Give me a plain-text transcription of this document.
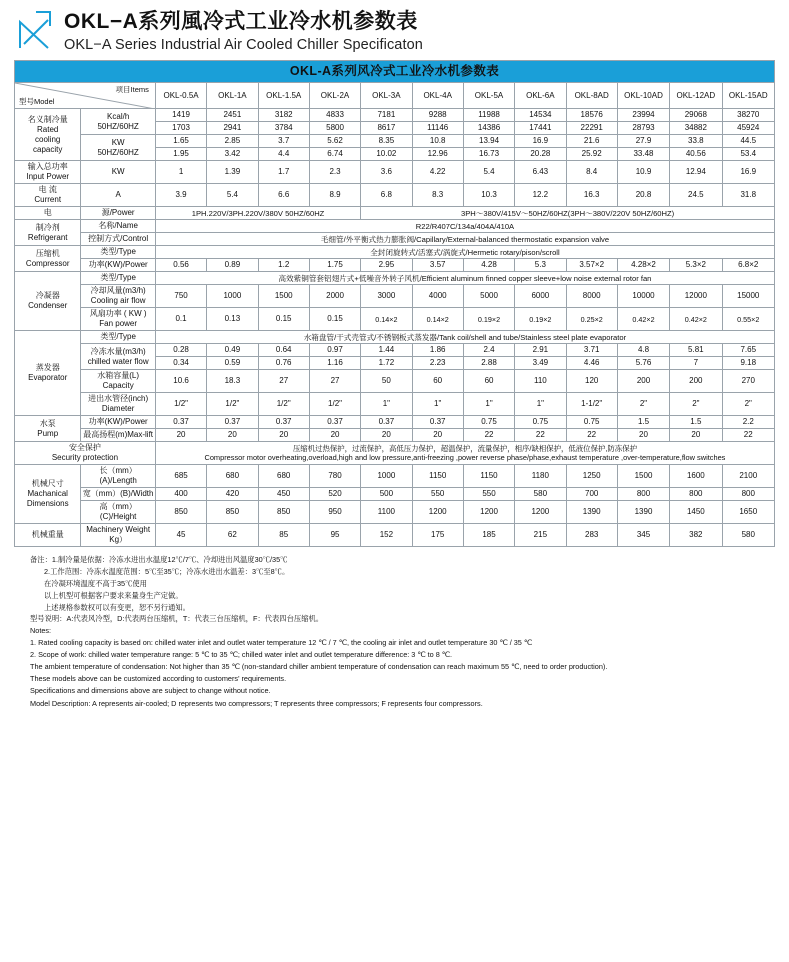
OKL−A系列風冷式工业冷水机参数表
OKL−A Series Industrial Air Cooled Chiller Specificaton
OKL-A系列风冷式工业冷水机参数表													

型号Model
项目Items		OKL-0.5A	OKL-1A	OKL-1.5A	OKL-2A	OKL-3A	OKL-4A	OKL-5A	OKL-6A	OKL-8AD	OKL-10AD	OKL-12AD	OKL-15AD

名义制冷量
Rated
cooling
capacity

Kcal/h
50HZ/60HZ
	1419	2451	3182	4833	7181	9288	11988	14534	18576	23994	29068	38270
		1703	2941	3784	5800	8617	11146	14386	17441	22291	28793	34882	45924

	KW
50HZ/60HZ	1.65	2.85	3.7	5.62	8.35	10.8	13.94	16.9	21.6	27.9	33.8	44.5
		1.95	3.42	4.4	6.74	10.02	12.96	16.73	20.28	25.92	33.48	40.56	53.4

输入总功率
Input Power	KW	1	1.39	1.7	2.3	3.6	4.22	5.4	6.43	8.4	10.9	12.94	16.9

电 流
Current	A	3.9	5.4	6.6	8.9	6.8	8.3	10.3	12.2	16.3	20.8	24.5	31.8
电	源/Power	1PH.220V/3PH.220V/380V 50HZ/60HZ				3PH～380V/415V～50HZ/60HZ(3PH～380V/220V 50HZ/60HZ)							

制冷剂
Refrigerant	名称/Name	R22/R407C/134a/404A/410A											
	控制方式/Control	毛细管/外平衡式热力膨胀阀/Capillary/External-balanced thermostatic expansion valve											

压缩机
Compressor	类型/Type	全封闭旋转式/活塞式/涡旋式/Hermetic rotary/pison/scroll											
	功率(KW)/Power	0.56	0.89	1.2	1.75	2.95	3.57	4.28	5.3	3.57×2	4.28×2	5.3×2	6.8×2

冷凝器
Condenser	类型/Type	高效紫铜管套铝翅片式+低噪音外转子风机/Efficient aluminum finned copper sleeve+low noise external rotor fan											

	冷却风量(m3/h)
Cooling air flow	750	1000	1500	2000	3000	4000	5000	6000	8000	10000	12000	15000

	风扇功率 ( KW )
Fan power	0.1	0.13	0.15	0.15	0.14×2	0.14×2	0.19×2	0.19×2	0.25×2	0.42×2	0.42×2	0.55×2

蒸发器
Evaporator	类型/Type	水箱盘管/干式壳管式/不锈钢板式蒸发器/Tank coil/shell and tube/Stainless steel plate evaporator											

	冷冻水量(m3/h)
chilled water flow	0.28	0.49	0.64	0.97	1.44	1.86	2.4	2.91	3.71	4.8	5.81	7.65
		0.34	0.59	0.76	1.16	1.72	2.23	2.88	3.49	4.46	5.76	7	9.18

	水箱容量(L)
Capacity	10.6	18.3	27	27	50	60	60	110	120	200	200	270

	进出水管径(inch)
Diameter	1/2"	1/2"	1/2"	1/2"	1"	1"	1"	1"	1-1/2"	2"	2"	2"

水泵
Pump	功率(KW)/Power	0.37	0.37	0.37	0.37	0.37	0.37	0.75	0.75	0.75	1.5	1.5	2.2
	最高扬程(m)Max-lift	20	20	20	20	20	20	22	22	22	20	20	22

安全保护
Security protection

压缩机过热保护，过流保护，高低压力保护，超温保护，流量保护，相序/缺相保护，低液位保护,防冻保护
Compressor motor overheating,overload,high and low pressure,anti-freezing ,power reverse phase/phase,exhaust temperature ,over-temperature,flow switches

机械尺寸
Machanical
Dimensions	长（mm）(A)/Length	685	680	680	780	1000	1150	1150	1180	1250	1500	1600	2100
	宽（mm）(B)/Width	400	420	450	520	500	550	550	580	700	800	800	800
	高（mm）(C)/Height	850	850	850	950	1100	1200	1200	1200	1390	1390	1450	1650
机械重量	Machinery Weight
Kg）	45	62	85	95	152	175	185	215	283	345	382	580
备注：1.制冷量是依据：冷冻水进出水温度12℃/7℃、冷却进出风温度30℃/35℃
2.工作范围：冷冻水温度范围：5℃至35℃；冷冻水进出水温差：3℃至8℃。
在冷凝环境温度不高于35℃使用
以上机型可根据客户要求来量身生产定做。
上述规格参数权可以有变更，恕不另行通知。
型号说明：A:代表风冷型，D:代表两台压缩机，T：代表三台压缩机，F：代表四台压缩机。
Notes:
1. Rated cooling capacity is based on: chilled water inlet and outlet water temperature 12 ℃ / 7 ℃, the cooling air inlet and outlet temperature 30 ℃ / 35 ℃
2. Scope of work: chilled water temperature range: 5 ℃ to 35 ℃; chilled water inlet and outlet temperature difference: 3 ℃ to 8 ℃.
The ambient temperature of condensation: Not higher than 35 ℃ (non-standard chiller ambient temperature of condensation can reach maximum 55 ℃, need to order production).
These models above can be customized according to customers' requirements.
Specifications and dimensions above are subject to change without notice.
Model Description: A represents air-cooled; D represents two compressors; T represents three compressors; F represents four compressors.
